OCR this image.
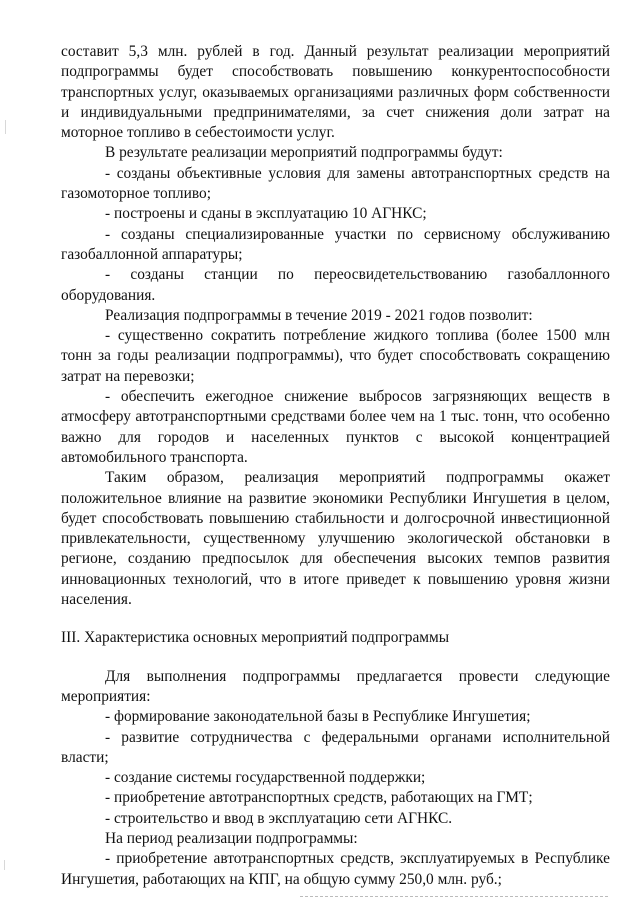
составит 5,3 млн. рублей в год. Данный результат реализации мероприятий подпрограммы будет способствовать повышению конкурентоспособности транспортных услуг, оказываемых организациями различных форм собственности и индивидуальными предпринимателями, за счет снижения доли затрат на моторное топливо в себестоимости услуг.

В результате реализации мероприятий подпрограммы будут:

- созданы объективные условия для замены автотранспортных средств на газомоторное топливо;

- построены и сданы в эксплуатацию 10 АГНКС;

- созданы специализированные участки по сервисному обслуживанию газобаллонной аппаратуры;

- созданы станции по переосвидетельствованию газобаллонного оборудования.

Реализация подпрограммы в течение 2019 - 2021 годов позволит:

- существенно сократить потребление жидкого топлива (более 1500 млн тонн за годы реализации подпрограммы), что будет способствовать сокращению затрат на перевозки;

- обеспечить ежегодное снижение выбросов загрязняющих веществ в атмосферу автотранспортными средствами более чем на 1 тыс. тонн, что особенно важно для городов и населенных пунктов с высокой концентрацией автомобильного транспорта.

Таким образом, реализация мероприятий подпрограммы окажет положительное влияние на развитие экономики Республики Ингушетия в целом, будет способствовать повышению стабильности и долгосрочной инвестиционной привлекательности, существенному улучшению экологической обстановки в регионе, созданию предпосылок для обеспечения высоких темпов развития инновационных технологий, что в итоге приведет к повышению уровня жизни населения.

III. Характеристика основных мероприятий подпрограммы

Для выполнения подпрограммы предлагается провести следующие мероприятия:

- формирование законодательной базы в Республике Ингушетия;

- развитие сотрудничества с федеральными органами исполнительной власти;

- создание системы государственной поддержки;

- приобретение автотранспортных средств, работающих на ГМТ;

- строительство и ввод в эксплуатацию сети АГНКС.

На период реализации подпрограммы:

- приобретение автотранспортных средств, эксплуатируемых в Республике Ингушетия, работающих на КПГ, на общую сумму 250,0 млн. руб.;
